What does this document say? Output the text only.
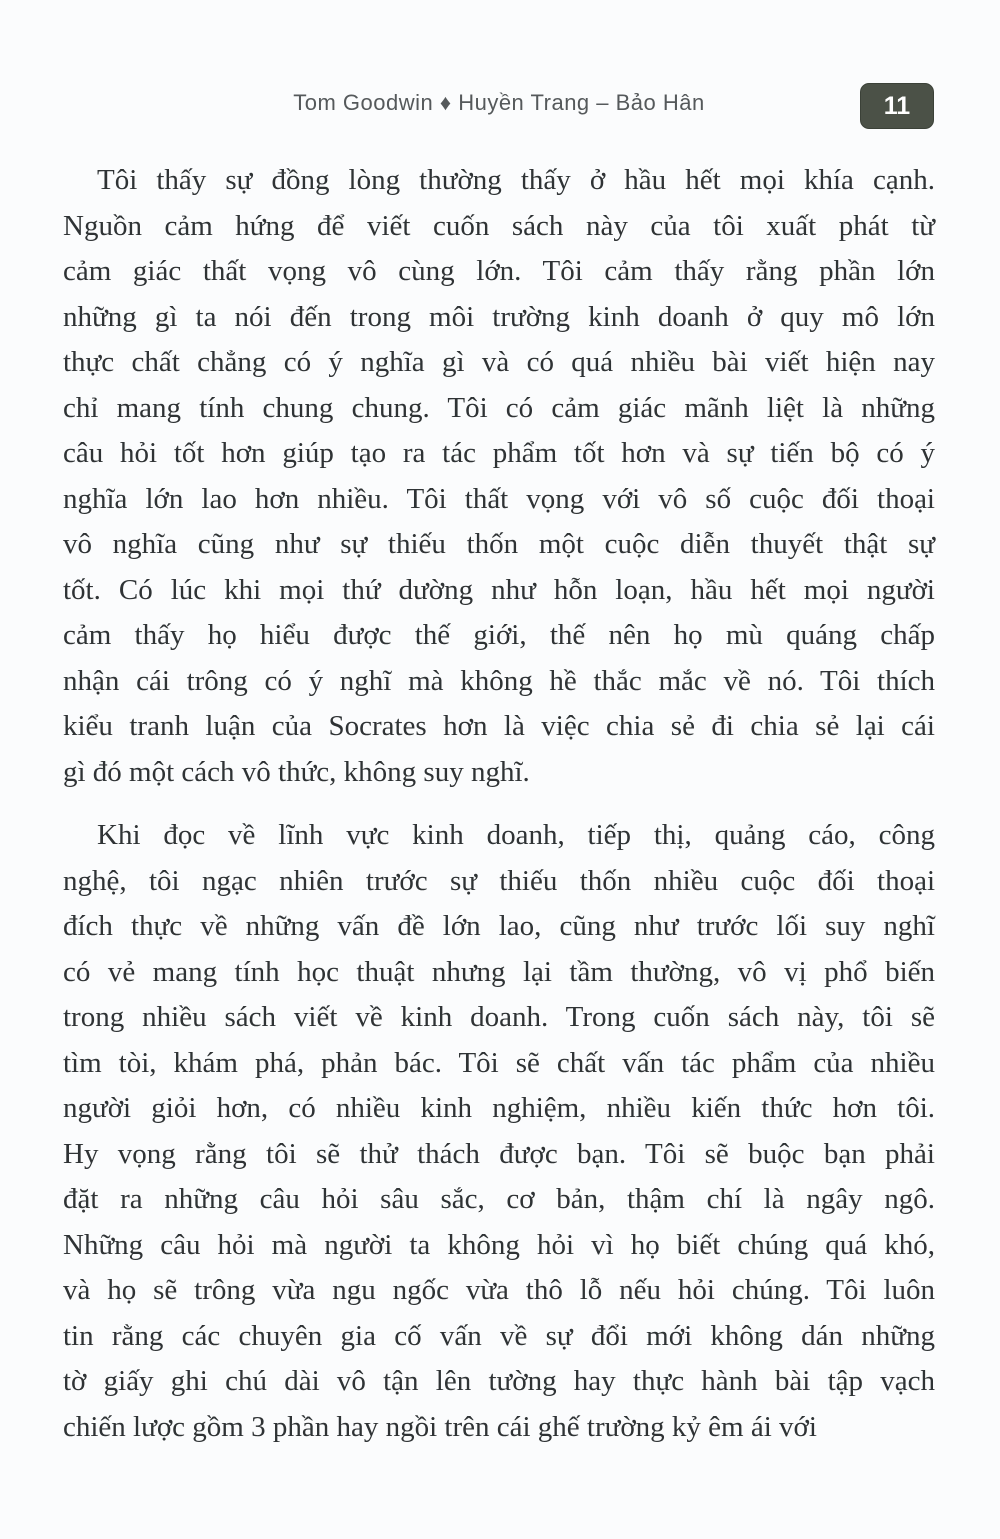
Tom Goodwin ♦ Huyền Trang – Bảo Hân	11
Tôi thấy sự đồng lòng thường thấy ở hầu hết mọi khía cạnh.
Nguồn cảm hứng để viết cuốn sách này của tôi xuất phát từ
cảm giác thất vọng vô cùng lớn. Tôi cảm thấy rằng phần lớn
những gì ta nói đến trong môi trường kinh doanh ở quy mô lớn
thực chất chẳng có ý nghĩa gì và có quá nhiều bài viết hiện nay
chỉ mang tính chung chung. Tôi có cảm giác mãnh liệt là những
câu hỏi tốt hơn giúp tạo ra tác phẩm tốt hơn và sự tiến bộ có ý
nghĩa lớn lao hơn nhiều. Tôi thất vọng với vô số cuộc đối thoại
vô nghĩa cũng như sự thiếu thốn một cuộc diễn thuyết thật sự
tốt. Có lúc khi mọi thứ dường như hỗn loạn, hầu hết mọi người
cảm thấy họ hiểu được thế giới, thế nên họ mù quáng chấp
nhận cái trông có ý nghĩ mà không hề thắc mắc về nó. Tôi thích
kiểu tranh luận của Socrates hơn là việc chia sẻ đi chia sẻ lại cái
gì đó một cách vô thức, không suy nghĩ.
Khi đọc về lĩnh vực kinh doanh, tiếp thị, quảng cáo, công
nghệ, tôi ngạc nhiên trước sự thiếu thốn nhiều cuộc đối thoại
đích thực về những vấn đề lớn lao, cũng như trước lối suy nghĩ
có vẻ mang tính học thuật nhưng lại tầm thường, vô vị phổ biến
trong nhiều sách viết về kinh doanh. Trong cuốn sách này, tôi sẽ
tìm tòi, khám phá, phản bác. Tôi sẽ chất vấn tác phẩm của nhiều
người giỏi hơn, có nhiều kinh nghiệm, nhiều kiến thức hơn tôi.
Hy vọng rằng tôi sẽ thử thách được bạn. Tôi sẽ buộc bạn phải
đặt ra những câu hỏi sâu sắc, cơ bản, thậm chí là ngây ngô.
Những câu hỏi mà người ta không hỏi vì họ biết chúng quá khó,
và họ sẽ trông vừa ngu ngốc vừa thô lỗ nếu hỏi chúng. Tôi luôn
tin rằng các chuyên gia cố vấn về sự đổi mới không dán những
tờ giấy ghi chú dài vô tận lên tường hay thực hành bài tập vạch
chiến lược gồm 3 phần hay ngồi trên cái ghế trường kỷ êm ái với
